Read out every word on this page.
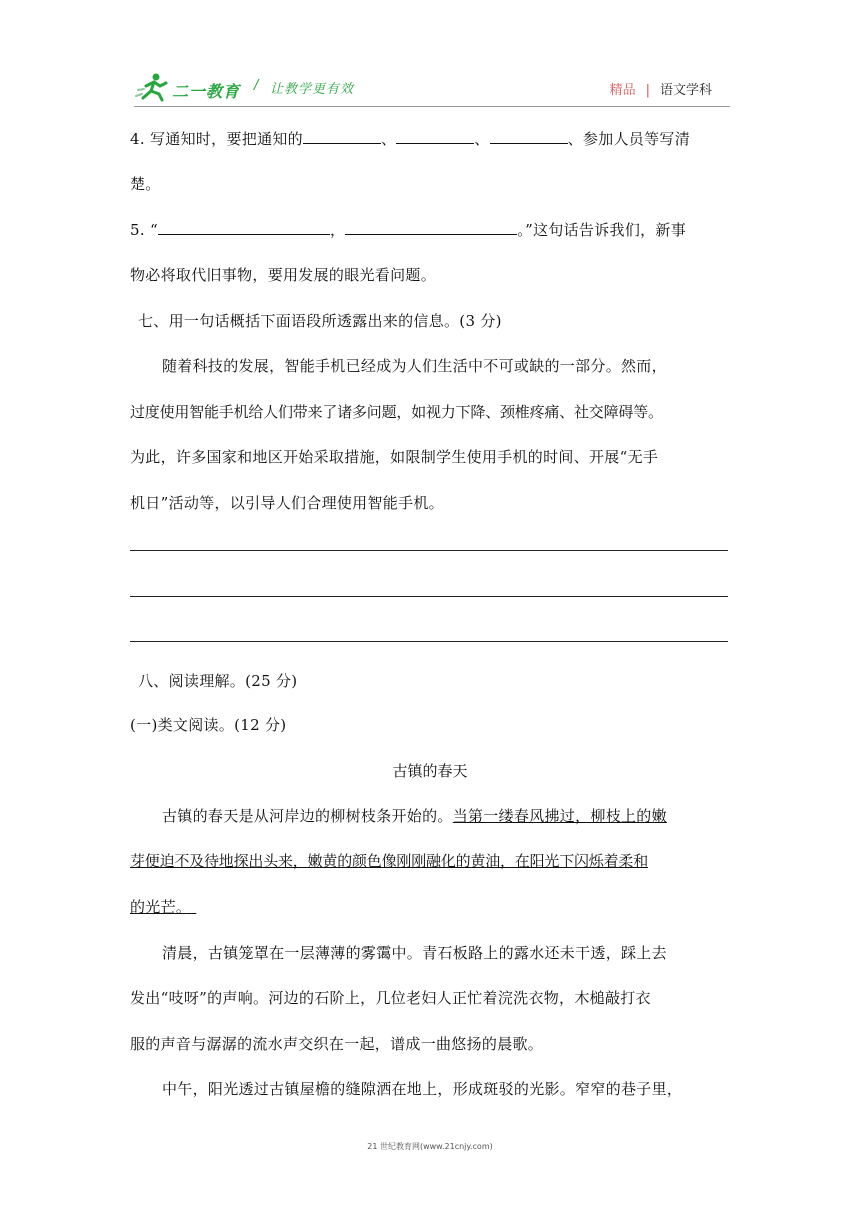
二一教育 / 让教学更有效	精品 | 语文学科
4. 写通知时，要把通知的	、	、	、参加人员等写清
楚。
5. “	，	。”这句话告诉我们，新事
物必将取代旧事物，要用发展的眼光看问题。
七、用一句话概括下面语段所透露出来的信息。(3 分)
随着科技的发展，智能手机已经成为人们生活中不可或缺的一部分。然而，
过度使用智能手机给人们带来了诸多问题，如视力下降、颈椎疼痛、社交障碍等。
为此，许多国家和地区开始采取措施，如限制学生使用手机的时间、开展“无手
机日”活动等，以引导人们合理使用智能手机。
八、阅读理解。(25 分)
(一)类文阅读。(12 分)
古镇的春天
古镇的春天是从河岸边的柳树枝条开始的。当第一缕春风拂过，柳枝上的嫩
芽便迫不及待地探出头来，嫩黄的颜色像刚刚融化的黄油，在阳光下闪烁着柔和
的光芒。
清晨，古镇笼罩在一层薄薄的雾霭中。青石板路上的露水还未干透，踩上去
发出“吱呀”的声响。河边的石阶上，几位老妇人正忙着浣洗衣物，木槌敲打衣
服的声音与潺潺的流水声交织在一起，谱成一曲悠扬的晨歌。
中午，阳光透过古镇屋檐的缝隙洒在地上，形成斑驳的光影。窄窄的巷子里，
21 世纪教育网(www.21cnjy.com)
